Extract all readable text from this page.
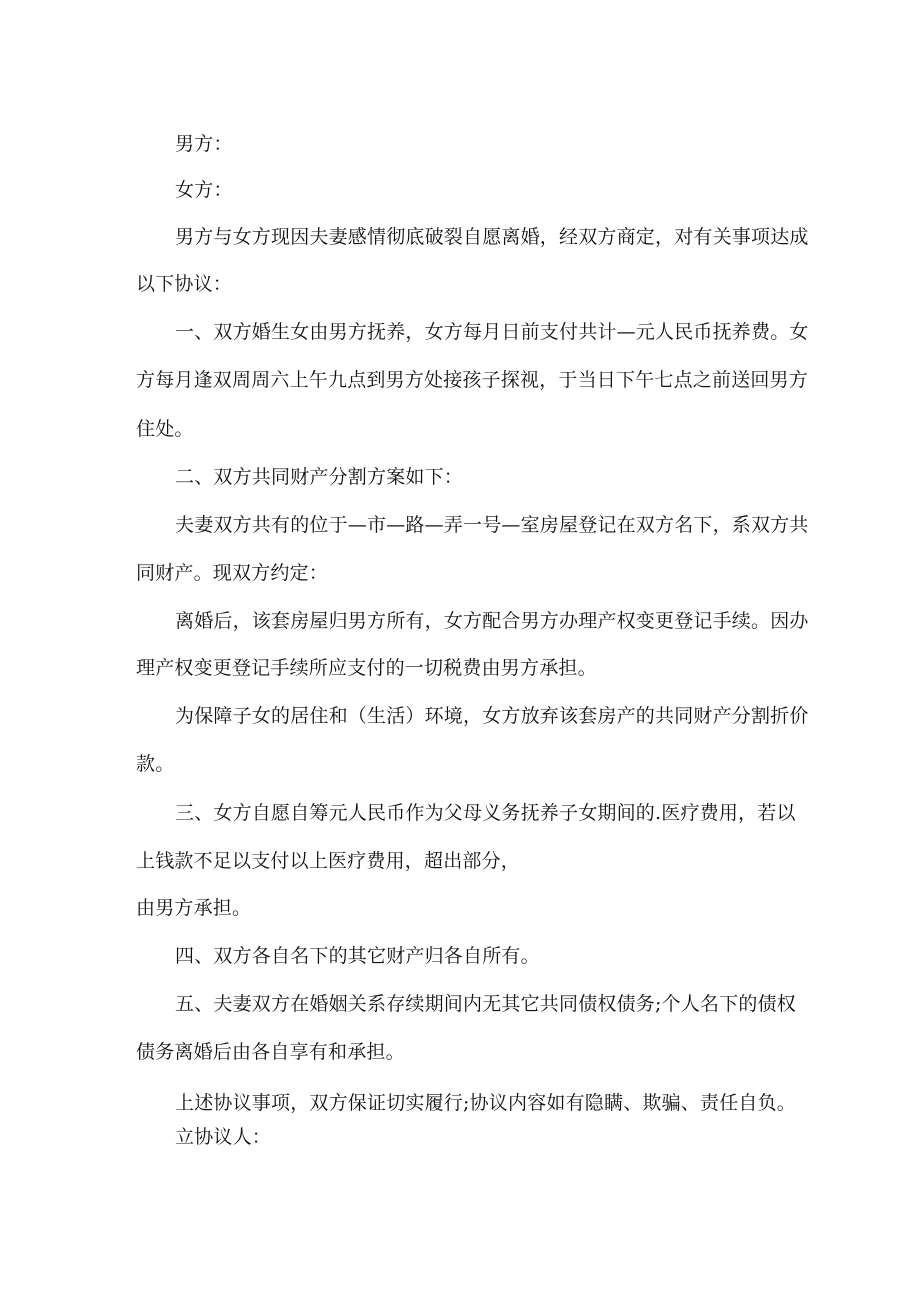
男方：
女方：
男方与女方现因夫妻感情彻底破裂自愿离婚，经双方商定，对有关事项达成
以下协议：
一、双方婚生女由男方抚养，女方每月日前支付共计—元人民币抚养费。女
方每月逢双周周六上午九点到男方处接孩子探视，于当日下午七点之前送回男方
住处。
二、双方共同财产分割方案如下：
夫妻双方共有的位于—市—路—弄一号—室房屋登记在双方名下，系双方共
同财产。现双方约定：
离婚后，该套房屋归男方所有，女方配合男方办理产权变更登记手续。因办
理产权变更登记手续所应支付的一切税费由男方承担。
为保障子女的居住和（生活）环境，女方放弃该套房产的共同财产分割折价
款。
三、女方自愿自筹元人民币作为父母义务抚养子女期间的.医疗费用，若以
上钱款不足以支付以上医疗费用，超出部分，
由男方承担。
四、双方各自名下的其它财产归各自所有。
五、夫妻双方在婚姻关系存续期间内无其它共同债权债务;个人名下的债权
债务离婚后由各自享有和承担。
上述协议事项，双方保证切实履行;协议内容如有隐瞒、欺骗、责任自负。
立协议人：
